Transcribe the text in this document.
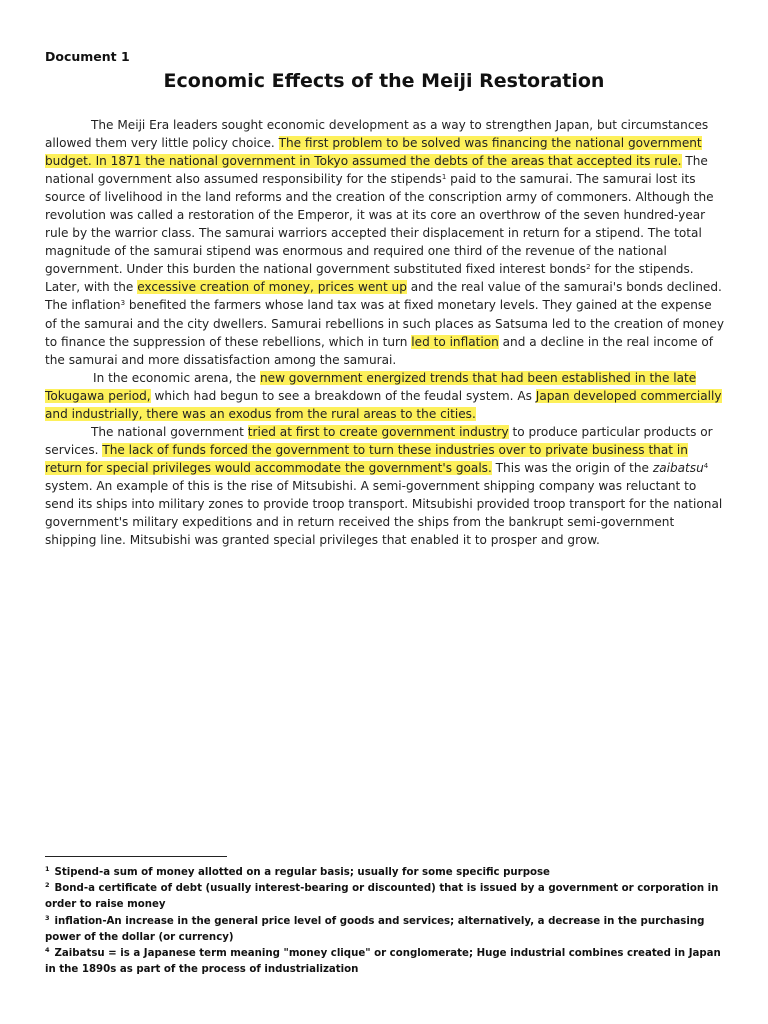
Document 1
Economic Effects of the Meiji Restoration

The Meiji Era leaders sought economic development as a way to strengthen Japan, but circumstances allowed them very little policy choice. The first problem to be solved was financing the national government budget. In 1871 the national government in Tokyo assumed the debts of the areas that accepted its rule. The national government also assumed responsibility for the stipends$^1$ paid to the samurai. The samurai lost its source of livelihood in the land reforms and the creation of the conscription army of commoners. Although the revolution was called a restoration of the Emperor, it was at its core an overthrow of the seven hundred-year rule by the warrior class. The samurai warriors accepted their displacement in return for a stipend. The total magnitude of the samurai stipend was enormous and required one third of the revenue of the national government. Under this burden the national government substituted fixed interest bonds$^2$ for the stipends. Later, with the excessive creation of money, prices went up and the real value of the samurai's bonds declined. The inflation$^3$ benefited the farmers whose land tax was at fixed monetary levels. They gained at the expense of the samurai and the city dwellers. Samurai rebellions in such places as Satsuma led to the creation of money to finance the suppression of these rebellions, which in turn led to inflation and a decline in the real income of the samurai and more dissatisfaction among the samurai.

In the economic arena, the new government energized trends that had been established in the late Tokugawa period, which had begun to see a breakdown of the feudal system. As Japan developed commercially and industrially, there was an exodus from the rural areas to the cities.

The national government tried at first to create government industry to produce particular products or services. The lack of funds forced the government to turn these industries over to private business that in return for special privileges would accommodate the government's goals. This was the origin of the zaibatsu$^4$ system. An example of this is the rise of Mitsubishi. A semi-government shipping company was reluctant to send its ships into military zones to provide troop transport. Mitsubishi provided troop transport for the national government's military expeditions and in return received the ships from the bankrupt semi-government shipping line. Mitsubishi was granted special privileges that enabled it to prosper and grow.

$^1$ Stipend-a sum of money allotted on a regular basis; usually for some specific purpose

$^2$ Bond-a certificate of debt (usually interest-bearing or discounted) that is issued by a government or corporation in order to raise money

$^3$ inflation-An increase in the general price level of goods and services; alternatively, a decrease in the purchasing power of the dollar (or currency)

$^4$ Zaibatsu = is a Japanese term meaning "money clique" or conglomerate; Huge industrial combines created in Japan in the 1890s as part of the process of industrialization
